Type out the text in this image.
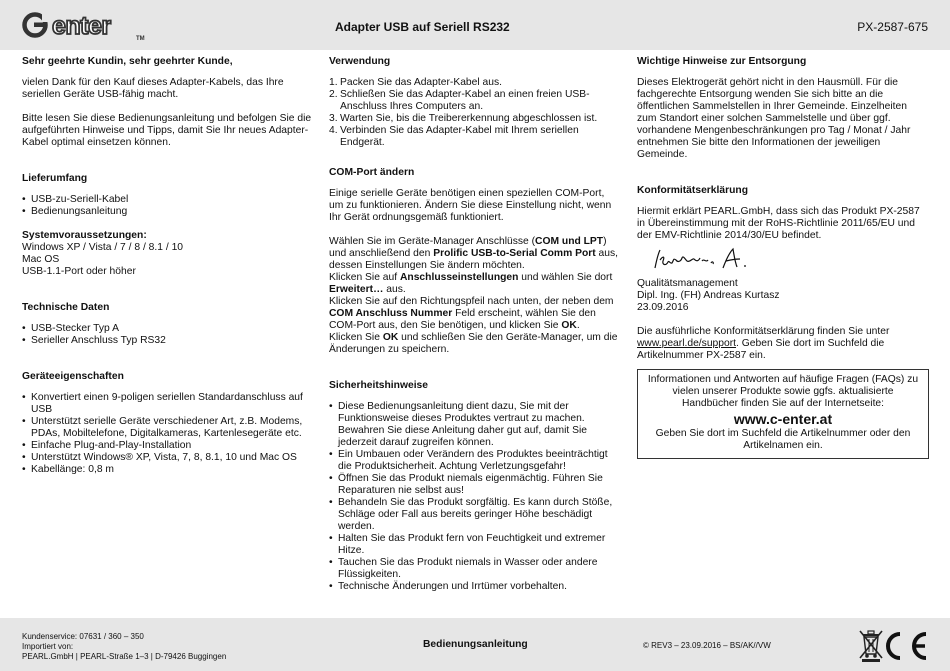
enter	TM
Adapter USB auf Seriell RS232	PX-2587-675
Sehr geehrte Kundin, sehr geehrter Kunde,

vielen Dank für den Kauf dieses Adapter-Kabels, das Ihre seriellen Geräte USB-fähig macht.

Bitte lesen Sie diese Bedienungsanleitung und befolgen Sie die aufgeführten Hinweise und Tipps, damit Sie Ihr neues Adapter-Kabel optimal einsetzen können.

Lieferumfang
• USB-zu-Seriell-Kabel
• Bedienungsanleitung
Systemvoraussetzungen:
Windows XP / Vista / 7 / 8 / 8.1 / 10
Mac OS
USB-1.1-Port oder höher
Technische Daten
• USB-Stecker Typ A
• Serieller Anschluss Typ RS32
Geräteeigenschaften
• Konvertiert einen 9-poligen seriellen Standardanschluss auf USB
• Unterstützt serielle Geräte verschiedener Art, z.B. Modems, PDAs, Mobiltelefone, Digitalkameras, Kartenlesegeräte etc.
• Einfache Plug-and-Play-Installation
• Unterstützt Windows® XP, Vista, 7, 8, 8.1, 10 und Mac OS
• Kabellänge: 0,8 m
Verwendung
1. Packen Sie das Adapter-Kabel aus.
2. Schließen Sie das Adapter-Kabel an einen freien USB-Anschluss Ihres Computers an.
3. Warten Sie, bis die Treibererkennung abgeschlossen ist.
4. Verbinden Sie das Adapter-Kabel mit Ihrem seriellen Endgerät.
COM-Port ändern

Einige serielle Geräte benötigen einen speziellen COM-Port, um zu funktionieren. Ändern Sie diese Einstellung nicht, wenn Ihr Gerät ordnungsgemäß funktioniert.

Wählen Sie im Geräte-Manager Anschlüsse (COM und LPT) und anschließend den Prolific USB-to-Serial Comm Port aus, dessen Einstellungen Sie ändern möchten.

Klicken Sie auf Anschlusseinstellungen und wählen Sie dort Erweitert… aus.

Klicken Sie auf den Richtungspfeil nach unten, der neben dem COM Anschluss Nummer Feld erscheint, wählen Sie den COM-Port aus, den Sie benötigen, und klicken Sie OK.

Klicken Sie OK und schließen Sie den Geräte-Manager, um die Änderungen zu speichern.

Sicherheitshinweise
• Diese Bedienungsanleitung dient dazu, Sie mit der Funktionsweise dieses Produktes vertraut zu machen. Bewahren Sie diese Anleitung daher gut auf, damit Sie jederzeit darauf zugreifen können.
• Ein Umbauen oder Verändern des Produktes beeinträchtigt die Produktsicherheit. Achtung Verletzungsgefahr!
• Öffnen Sie das Produkt niemals eigenmächtig. Führen Sie Reparaturen nie selbst aus!
• Behandeln Sie das Produkt sorgfältig. Es kann durch Stöße, Schläge oder Fall aus bereits geringer Höhe beschädigt werden.
• Halten Sie das Produkt fern von Feuchtigkeit und extremer Hitze.
• Tauchen Sie das Produkt niemals in Wasser oder andere Flüssigkeiten.
• Technische Änderungen und Irrtümer vorbehalten.
Wichtige Hinweise zur Entsorgung

Dieses Elektrogerät gehört nicht in den Hausmüll. Für die fachgerechte Entsorgung wenden Sie sich bitte an die öffentlichen Sammelstellen in Ihrer Gemeinde. Einzelheiten zum Standort einer solchen Sammelstelle und über ggf. vorhandene Mengenbeschränkungen pro Tag / Monat / Jahr entnehmen Sie bitte den Informationen der jeweiligen Gemeinde.

Konformitätserklärung

Hiermit erklärt PEARL.GmbH, dass sich das Produkt PX-2587 in Übereinstimmung mit der RoHS-Richtlinie 2011/65/EU und der EMV-Richtlinie 2014/30/EU befindet.

Qualitätsmanagement
Dipl. Ing. (FH) Andreas Kurtasz
23.09.2016

Die ausführliche Konformitätserklärung finden Sie unter www.pearl.de/support. Geben Sie dort im Suchfeld die Artikelnummer PX-2587 ein.

Informationen und Antworten auf häufige Fragen (FAQs) zu vielen unserer Produkte sowie ggfs. aktualisierte Handbücher finden Sie auf der Internetseite:
www.c-enter.at
Geben Sie dort im Suchfeld die Artikelnummer oder den Artikelnamen ein.
Kundenservice: 07631 / 360 – 350
Importiert von:
PEARL.GmbH | PEARL-Straße 1–3 | D-79426 Buggingen
Bedienungsanleitung	© REV3 – 23.09.2016 – BS/AK//VW
